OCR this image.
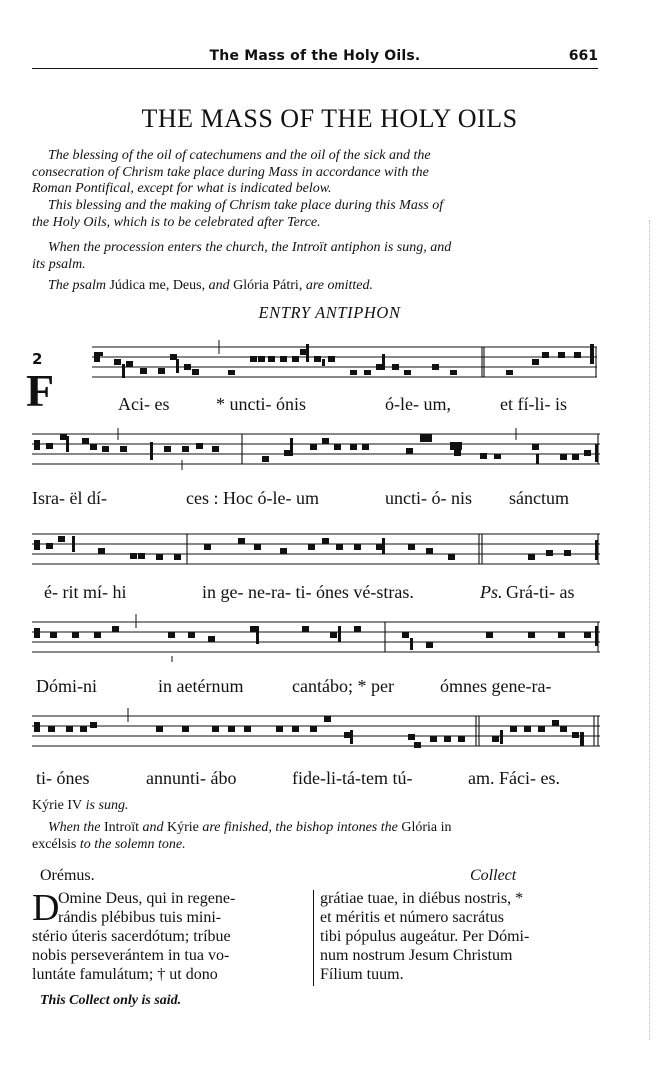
The Mass of the Holy Oils.	661
THE MASS OF THE HOLY OILS
The blessing of the oil of catechumens and the oil of the sick and the
consecration of Chrism take place during Mass in accordance with the
Roman Pontifical, except for what is indicated below.
This blessing and the making of Chrism take place during this Mass of
the Holy Oils, which is to be celebrated after Terce.
When the procession enters the church, the Introït antiphon is sung, and
its psalm.
The psalm Júdica me, Deus, and Glória Pátri, are omitted.
ENTRY ANTIPHON
2
F	Aci- es	* uncti- ónis	ó-le- um,	et fí-li- is
Isra- ël dí-	ces : Hoc ó-le- um	uncti- ó- nis sánctum
é- rit mí- hi	in ge- ne-ra- ti- ónes vé-stras.	Ps. Grá-ti- as
Dómi-ni	in aetérnum	cantábo; * per	ómnes gene-ra-
ti- ónes	annunti- ábo	fide-li-tá-tem tú-	am. Fáci- es.
Kýrie IV is sung.
When the Introït and Kýrie are finished, the bishop intones the Glória in
excélsis to the solemn tone.
Orémus.	Collect
D
Omine Deus, qui in regene-
rándis plébibus tuis mini-
stério úteris sacerdótum; tríbue
nobis perseverántem in tua vo-
luntáte famulátum; † ut dono
grátiae tuae, in diébus nostris, *
et méritis et número sacrátus
tibi pópulus augeátur. Per Dómi-
num nostrum Jesum Christum
Fílium tuum.
This Collect only is said.
